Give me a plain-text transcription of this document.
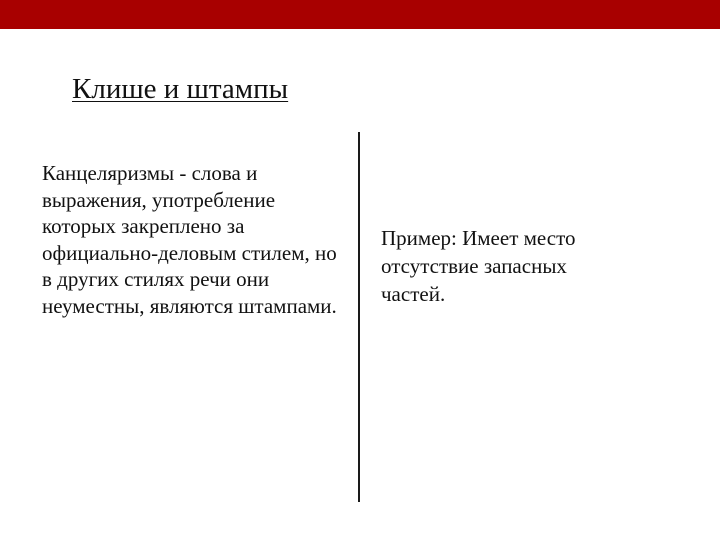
Клише и штампы

Канцеляризмы - слова и выражения, употребление которых закреплено за официально-деловым стилем, но в других стилях речи они неуместны, являются штампами.

Пример: Имеет место отсутствие запасных частей.
